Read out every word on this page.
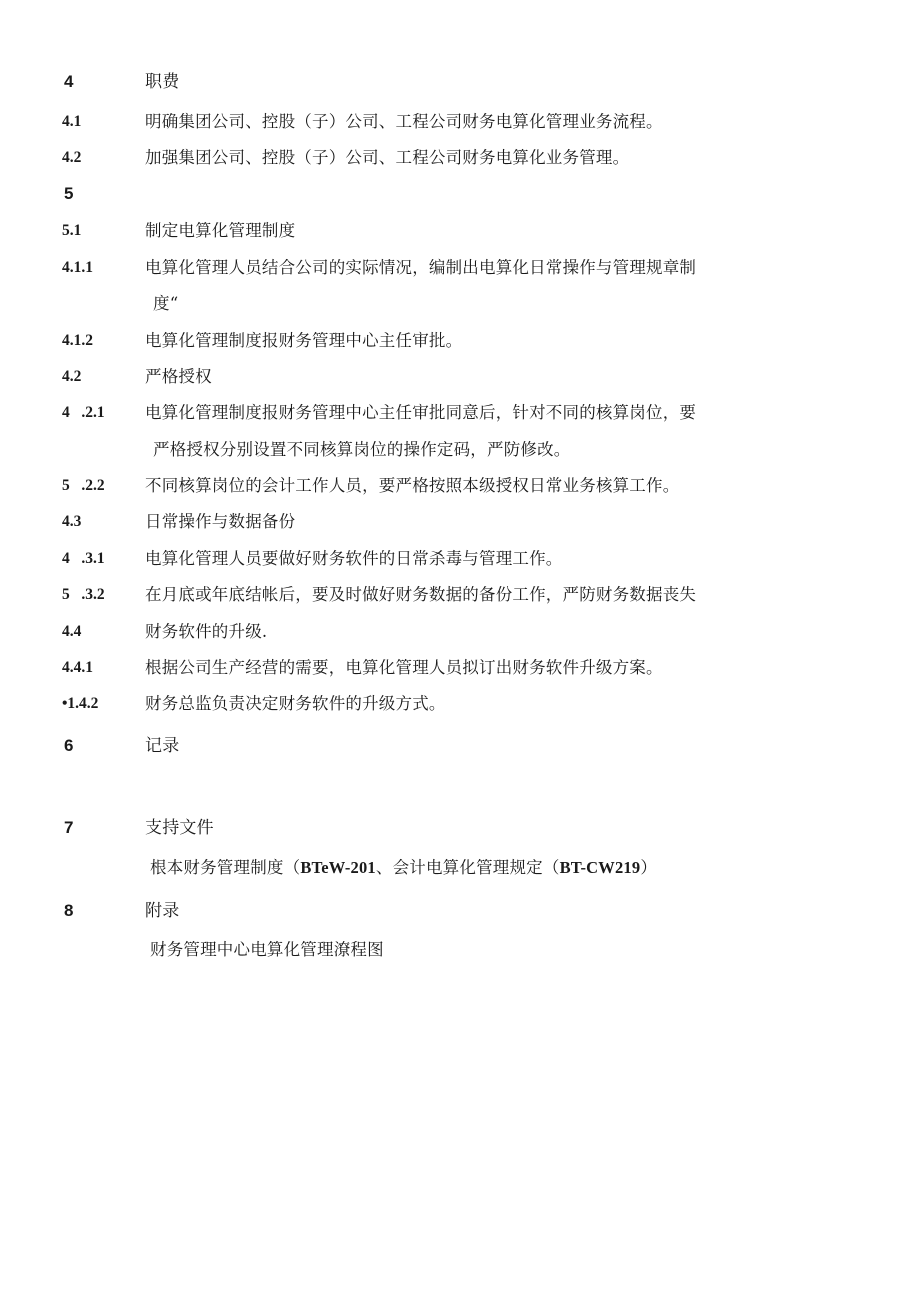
4	职费
4.1	明确集团公司、控股（子）公司、工程公司财务电算化管理业务流程。
4.2	加强集团公司、控股（子）公司、工程公司财务电算化业务管理。
5
5.1	制定电算化管理制度
4.1.1	电算化管理人员结合公司的实际情况，编制出电算化日常操作与管理规章制
度“
4.1.2	电算化管理制度报财务管理中心主任审批。
4.2	严格授权
4   .2.1 电算化管理制度报财务管理中心主任审批同意后，针对不同的核算岗位，要
严格授权分别设置不同核算岗位的操作定码，严防修改。
5   .2.2 不同核算岗位的会计工作人员，要严格按照本级授权日常业务核算工作。
4.3	日常操作与数据备份
4   .3.1 电算化管理人员要做好财务软件的日常杀毒与管理工作。
5   .3.2 在月底或年底结帐后，要及时做好财务数据的备份工作，严防财务数据丧失
4.4	财务软件的升级.
4.4.1	根据公司生产经营的需要，电算化管理人员拟订出财务软件升级方案。
•1.4.2	财务总监负责决定财务软件的升级方式。
6	记录
7	支持文件
根本财务管理制度（BTeW-201、会计电算化管理规定（BT-CW219）
8	附录
财务管理中心电算化管理潦程图
